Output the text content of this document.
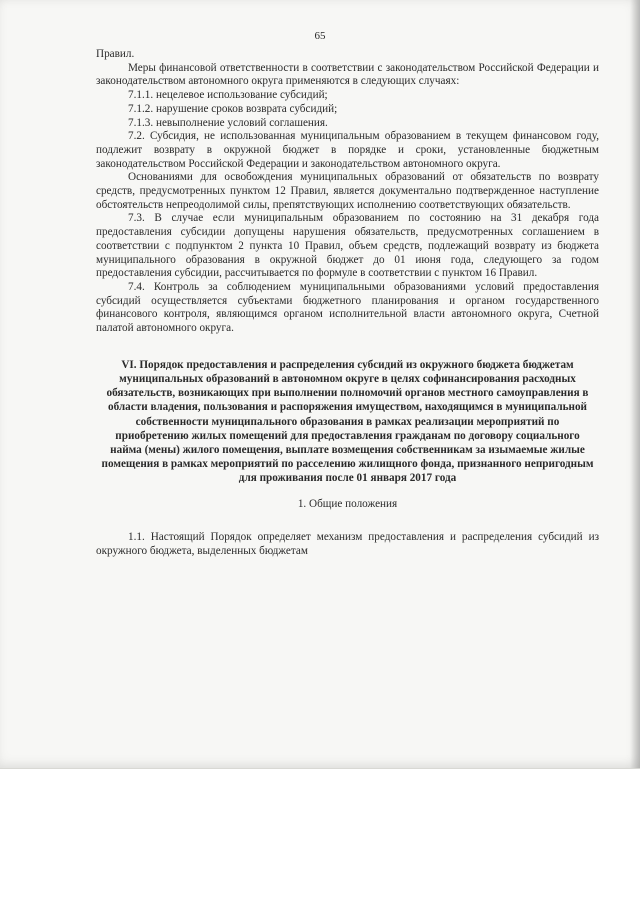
65

Правил.

Меры финансовой ответственности в соответствии с законодательством Российской Федерации и законодательством автономного округа применяются в следующих случаях:

7.1.1. нецелевое использование субсидий;

7.1.2. нарушение сроков возврата субсидий;

7.1.3. невыполнение условий соглашения.

7.2. Субсидия, не использованная муниципальным образованием в текущем финансовом году, подлежит возврату в окружной бюджет в порядке и сроки, установленные бюджетным законодательством Российской Федерации и законодательством автономного округа.

Основаниями для освобождения муниципальных образований от обязательств по возврату средств, предусмотренных пунктом 12 Правил, является документально подтвержденное наступление обстоятельств непреодолимой силы, препятствующих исполнению соответствующих обязательств.

7.3. В случае если муниципальным образованием по состоянию на 31 декабря года предоставления субсидии допущены нарушения обязательств, предусмотренных соглашением в соответствии с подпунктом 2 пункта 10 Правил, объем средств, подлежащий возврату из бюджета муниципального образования в окружной бюджет до 01 июня года, следующего за годом предоставления субсидии, рассчитывается по формуле в соответствии с пунктом 16 Правил.

7.4. Контроль за соблюдением муниципальными образованиями условий предоставления субсидий осуществляется субъектами бюджетного планирования и органом государственного финансового контроля, являющимся органом исполнительной власти автономного округа, Счетной палатой автономного округа.

VI. Порядок предоставления и распределения субсидий из окружного бюджета бюджетам муниципальных образований в автономном округе в целях софинансирования расходных обязательств, возникающих при выполнении полномочий органов местного самоуправления в области владения, пользования и распоряжения имуществом, находящимся в муниципальной собственности муниципального образования в рамках реализации мероприятий по приобретению жилых помещений для предоставления гражданам по договору социального найма (мены) жилого помещения, выплате возмещения собственникам за изымаемые жилые помещения в рамках мероприятий по расселению жилищного фонда, признанного непригодным для проживания после 01 января 2017 года

1. Общие положения

1.1. Настоящий Порядок определяет механизм предоставления и распределения субсидий из окружного бюджета, выделенных бюджетам
